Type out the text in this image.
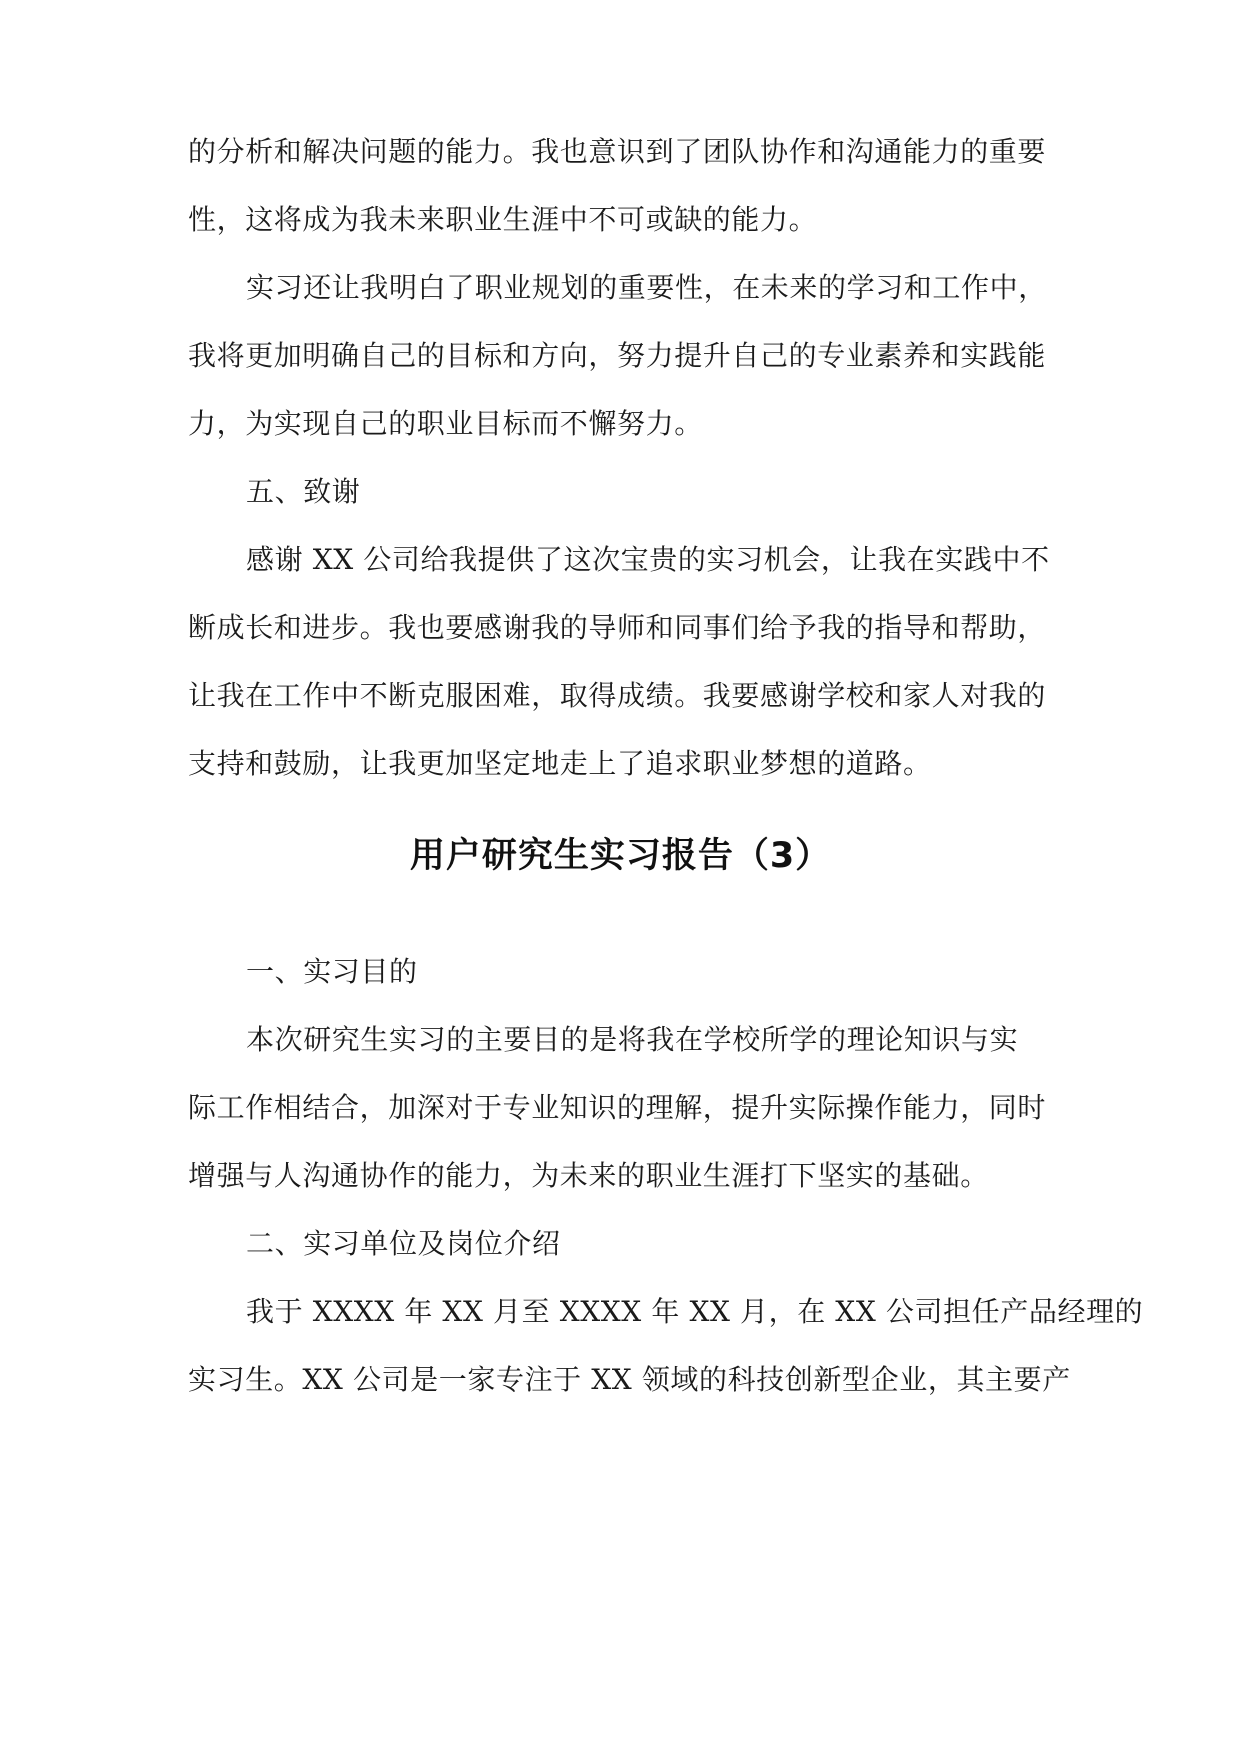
的分析和解决问题的能力。我也意识到了团队协作和沟通能力的重要
性，这将成为我未来职业生涯中不可或缺的能力。
实习还让我明白了职业规划的重要性，在未来的学习和工作中，
我将更加明确自己的目标和方向，努力提升自己的专业素养和实践能
力，为实现自己的职业目标而不懈努力。
五、致谢
感谢 XX 公司给我提供了这次宝贵的实习机会，让我在实践中不
断成长和进步。我也要感谢我的导师和同事们给予我的指导和帮助，
让我在工作中不断克服困难，取得成绩。我要感谢学校和家人对我的
支持和鼓励，让我更加坚定地走上了追求职业梦想的道路。
用户研究生实习报告（3）
一、实习目的
本次研究生实习的主要目的是将我在学校所学的理论知识与实
际工作相结合，加深对于专业知识的理解，提升实际操作能力，同时
增强与人沟通协作的能力，为未来的职业生涯打下坚实的基础。
二、实习单位及岗位介绍
我于 XXXX 年 XX 月至 XXXX 年 XX 月，在 XX 公司担任产品经理的
实习生。XX 公司是一家专注于 XX 领域的科技创新型企业，其主要产
